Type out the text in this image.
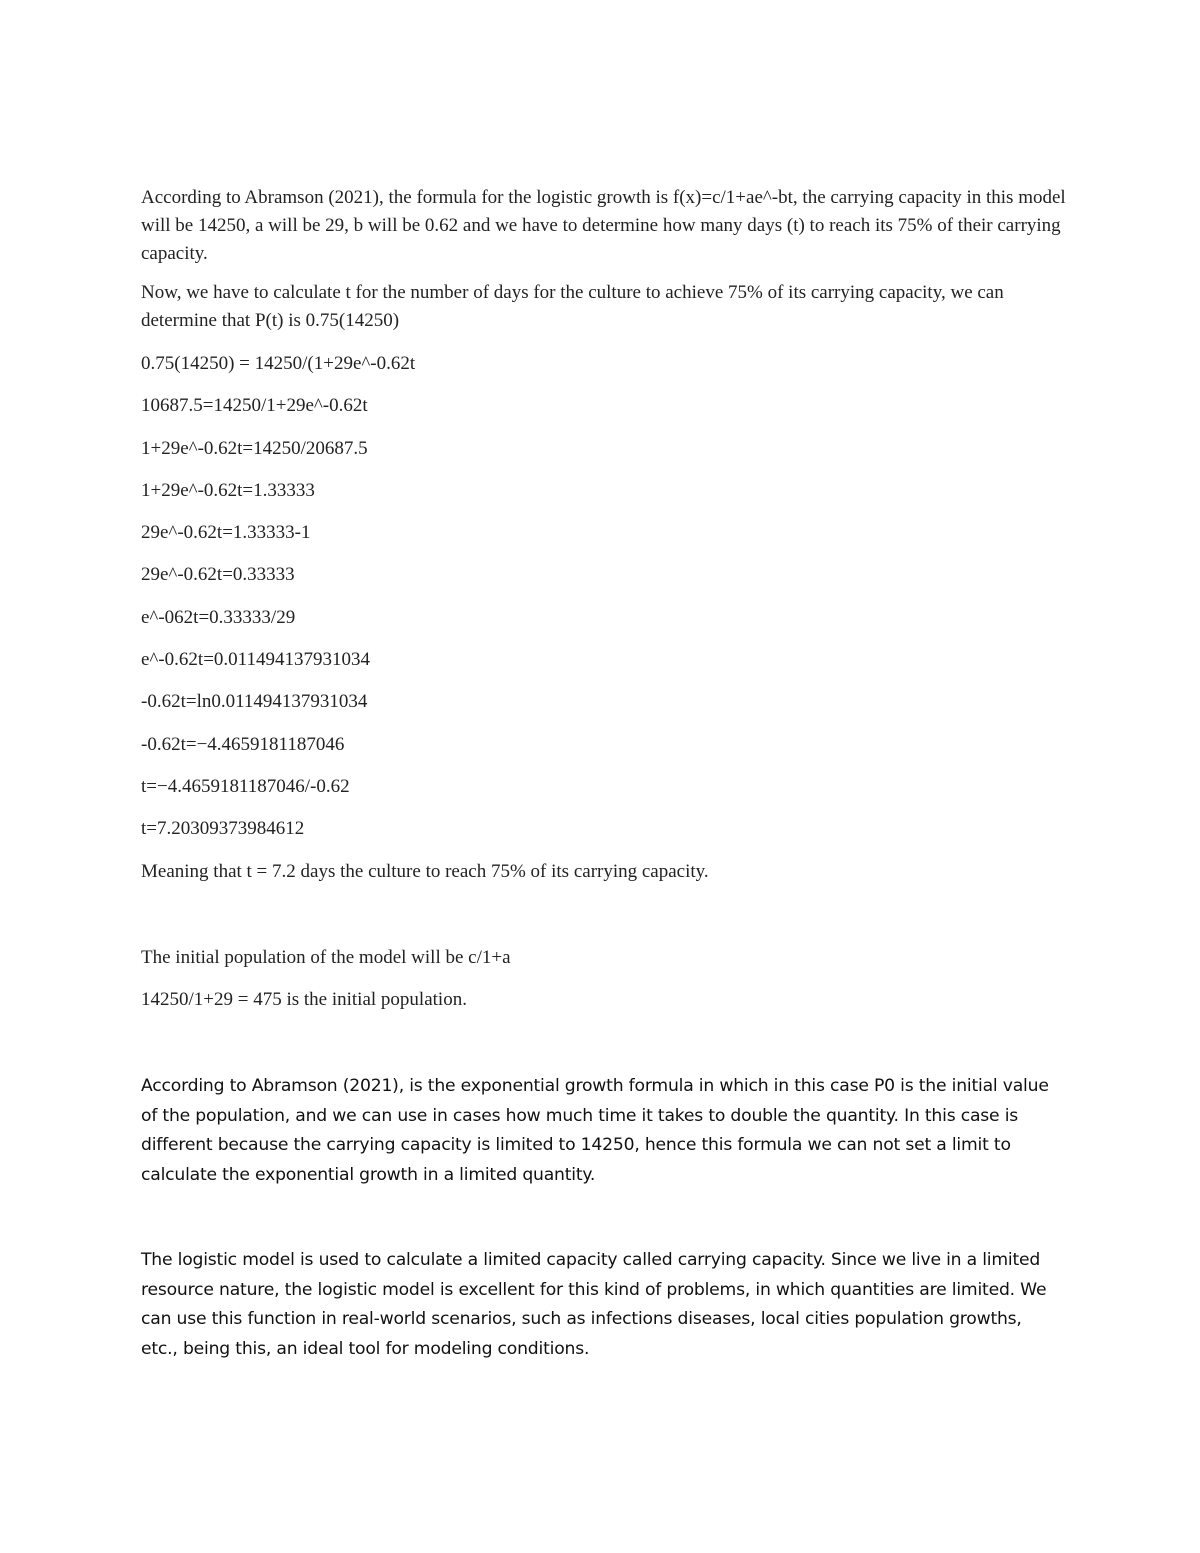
According to Abramson (2021), the formula for the logistic growth is f(x)=c/1+ae^-bt, the carrying capacity in this model will be 14250, a will be 29, b will be 0.62 and we have to determine how many days (t) to reach its 75% of their carrying capacity.

Now, we have to calculate t for the number of days for the culture to achieve 75% of its carrying capacity, we can determine that P(t) is 0.75(14250)

0.75(14250) = 14250/(1+29e^-0.62t

10687.5=14250/1+29e^-0.62t

1+29e^-0.62t=14250/20687.5

1+29e^-0.62t=1.33333

29e^-0.62t=1.33333-1

29e^-0.62t=0.33333

e^-062t=0.33333/29

e^-0.62t=0.011494137931034

-0.62t=ln0.011494137931034

-0.62t=−4.4659181187046

t=−4.4659181187046/-0.62

t=7.20309373984612

Meaning that t = 7.2 days the culture to reach 75% of its carrying capacity.

The initial population of the model will be c/1+a

14250/1+29 = 475 is the initial population.

According to Abramson (2021), is the exponential growth formula in which in this case P0 is the initial value of the population, and we can use in cases how much time it takes to double the quantity. In this case is different because the carrying capacity is limited to 14250, hence this formula we can not set a limit to calculate the exponential growth in a limited quantity.

The logistic model is used to calculate a limited capacity called carrying capacity. Since we live in a limited resource nature, the logistic model is excellent for this kind of problems, in which quantities are limited. We can use this function in real-world scenarios, such as infections diseases, local cities population growths, etc., being this, an ideal tool for modeling conditions.
